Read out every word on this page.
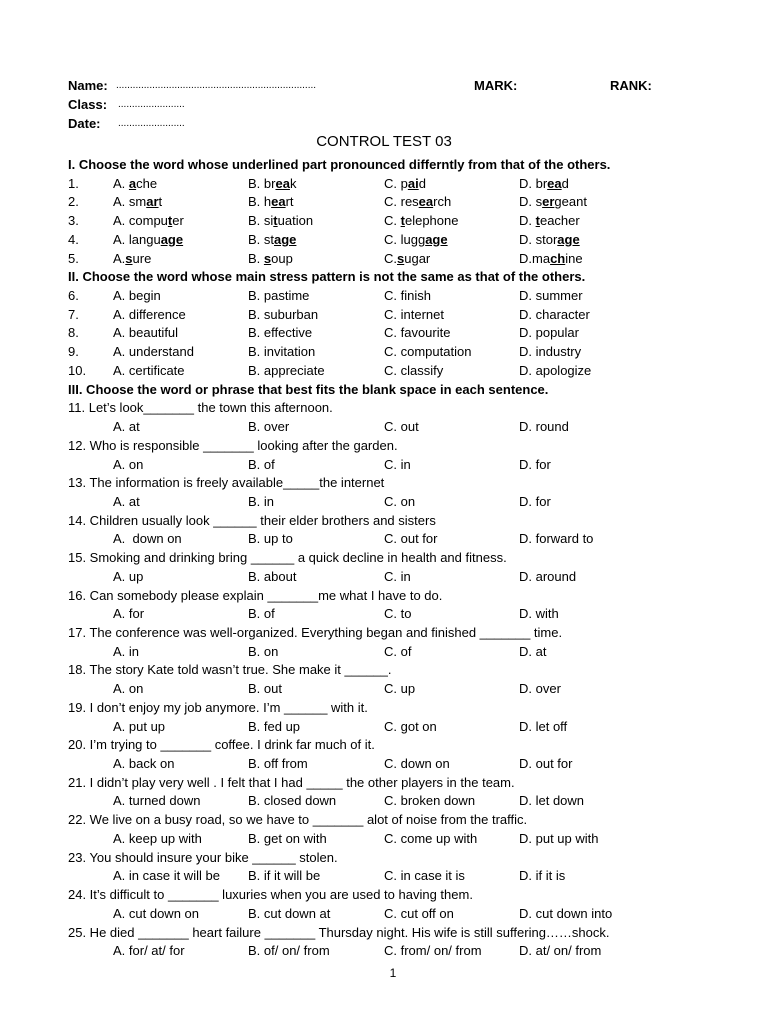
Name:

........................................................................

	MARK:

	RANK:

Class:

........................

Date:

........................

CONTROL TEST 03
I. Choose the word whose underlined part pronounced differntly from that of the others.
1.	A. ache	B. break	C. paid	D. bread
2.	A. smart	B. heart	C. research	D. sergeant
3.	A. computer	B. situation	C. telephone	D. teacher
4.	A. language	B. stage	C. luggage	D. storage
5.	A.sure	B. soup	C.sugar	D.machine
II. Choose the word whose main stress pattern is not the same as that of the others.
6.	A. begin	B. pastime	C. finish	D. summer
7.	A. difference	B. suburban	C. internet	D. character
8.	A. beautiful	B. effective	C. favourite	D. popular
9.	A. understand	B. invitation	C. computation	D. industry
10. A. certificate	B. appreciate	C. classify	D. apologize
III. Choose the word or phrase that best fits the blank space in each sentence.
11. Let’s look_______ the town this afternoon.
A. at	B. over	C. out	D. round
12. Who is responsible _______ looking after the garden.
A. on	B. of	C. in	D. for
13. The information is freely available_____the internet
A. at	B. in	C. on	D. for
14. Children usually look ______ their elder brothers and sisters
A.  down on	B. up to	C. out for	D. forward to
15. Smoking and drinking bring ______ a quick decline in health and fitness.
A. up	B. about	C. in	D. around
16. Can somebody please explain _______me what I have to do.
A. for	B. of	C. to	D. with
17. The conference was well-organized. Everything began and finished _______ time.
A. in	B. on	C. of	D. at
18. The story Kate told wasn’t true. She make it ______.
A. on	B. out	C. up	D. over
19. I don’t enjoy my job anymore. I’m ______ with it.
A. put up	B. fed up	C. got on	D. let off
20. I’m trying to _______ coffee. I drink far much of it.
A. back on	B. off from	C. down on	D. out for
21. I didn’t play very well . I felt that I had _____ the other players in the team.
A. turned down	B. closed down	C. broken down	D. let down
22. We live on a busy road, so we have to _______ alot of noise from the traffic.
A. keep up with	B. get on with	C. come up with	D. put up with
23. You should insure your bike ______ stolen.
A. in case it will be B. if it will be	C. in case it is	D. if it is
24. It’s difficult to _______ luxuries when you are used to having them.
A. cut down on	B. cut down at	C. cut off on	D. cut down into
25. He died _______ heart failure _______ Thursday night. His wife is still suffering……shock.
A. for/ at/ for	B. of/ on/ from	C. from/ on/ from	D. at/ on/ from
1
